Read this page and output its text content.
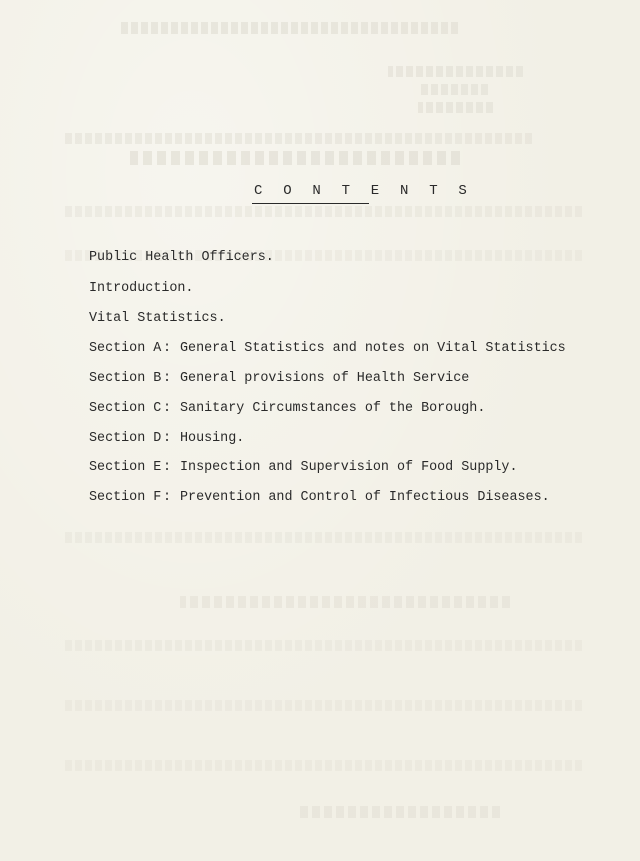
C O N T E N T S
Public Health Officers.
Introduction.
Vital Statistics.
Section A : General Statistics and notes on Vital Statistics
Section B : General provisions of Health Service
Section C : Sanitary Circumstances of the Borough.
Section D : Housing.
Section E : Inspection and Supervision of Food Supply.
Section F : Prevention and Control of Infectious Diseases.
